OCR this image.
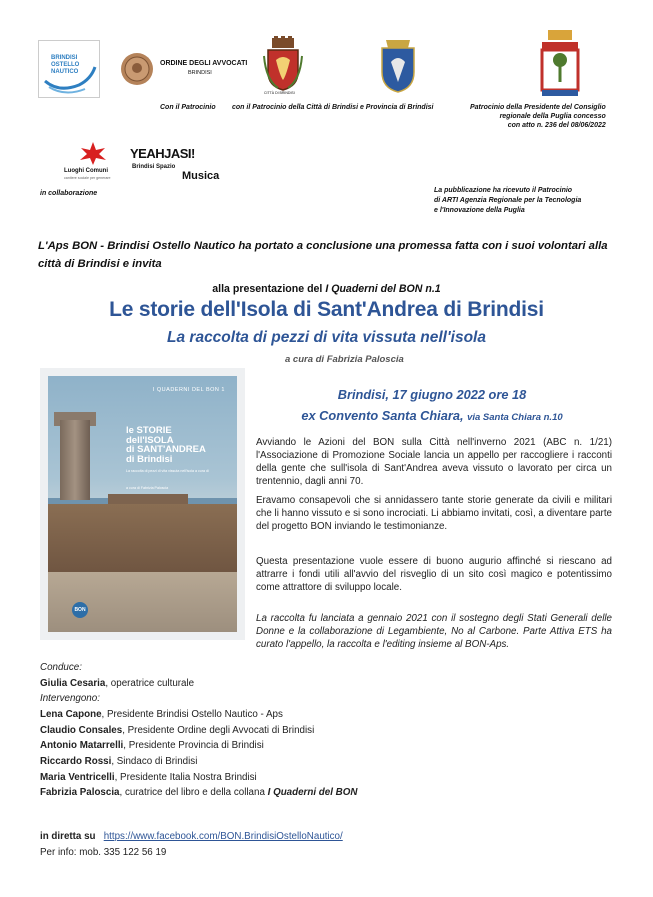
BRINDISI
OSTELLO
NAUTICO
ORDINE DEGLI AVVOCATI
BRINDISI
CITTÀ DI BRINDISI
Con il Patrocinio con il Patrocinio della Città di Brindisi e Provincia di Brindisi	Patrocinio della Presidente del Consiglio
regionale della Puglia concesso
con atto n. 236 del 08/06/2022
Luoghi Comuni
cantiere sociale per generare
YEAHJASI!
Brindisi Spazio
Musica
in collaborazione	La pubblicazione ha ricevuto il Patrocinio
di ARTI Agenzia Regionale per la Tecnologia
e l'Innovazione della Puglia
L'Aps BON - Brindisi Ostello Nautico ha portato a conclusione una promessa fatta con i suoi volontari alla città di Brindisi e invita
alla presentazione del I Quaderni del BON n.1
Le storie dell'Isola di Sant'Andrea di Brindisi
La raccolta di pezzi di vita vissuta nell'isola
a cura di Fabrizia Paloscia
I QUADERNI DEL BON 1
le STORIE
dell'ISOLA
di SANT'ANDREA
di Brindisi
La raccolta di pezzi di vita vissuta nell'isola a cura di
a cura di Fabrizia Paloscia
BON
Brindisi, 17 giugno 2022 ore 18
ex Convento Santa Chiara, via Santa Chiara n.10
Avviando le Azioni del BON sulla Città nell'inverno 2021 (ABC n. 1/21) l'Associazione di Promozione Sociale lancia un appello per raccogliere i racconti della gente che sull'isola di Sant'Andrea aveva vissuto o lavorato per circa un trentennio, dagli anni 70.
Eravamo consapevoli che si annidassero tante storie generate da civili e militari che li hanno vissuto e si sono incrociati. Li abbiamo invitati, così, a diventare parte del progetto BON inviando le testimonianze.
Questa presentazione vuole essere di buono augurio affinché si riescano ad attrarre i fondi utili all'avvio del risveglio di un sito così magico e potentissimo come attrattore di sviluppo locale.
La raccolta fu lanciata a gennaio 2021 con il sostegno degli Stati Generali delle Donne e la collaborazione di Legambiente, No al Carbone. Parte Attiva ETS ha curato l'appello, la raccolta e l'editing insieme al BON-Aps.
Conduce:
Giulia Cesaria, operatrice culturale
Intervengono:
Lena Capone, Presidente Brindisi Ostello Nautico - Aps
Claudio Consales, Presidente Ordine degli Avvocati di Brindisi
Antonio Matarrelli, Presidente Provincia di Brindisi
Riccardo Rossi, Sindaco di Brindisi
Maria Ventricelli, Presidente Italia Nostra Brindisi
Fabrizia Paloscia, curatrice del libro e della collana I Quaderni del BON
in diretta su https://www.facebook.com/BON.BrindisiOstelloNautico/
Per info: mob. 335 122 56 19
